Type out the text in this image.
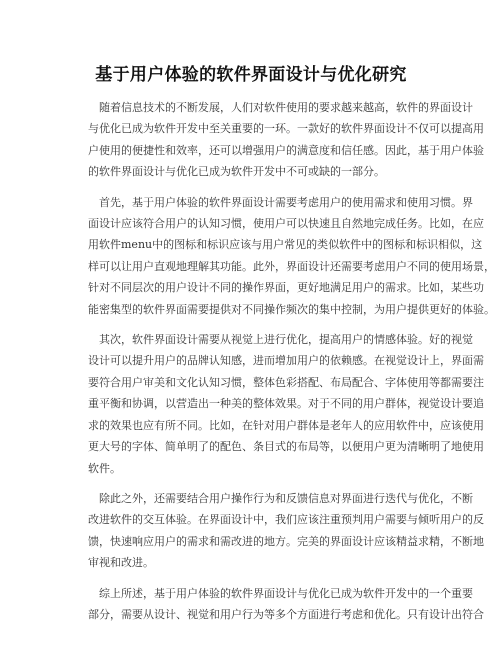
基于用户体验的软件界面设计与优化研究

随着信息技术的不断发展，人们对软件使用的要求越来越高，软件的界面设计
与优化已成为软件开发中至关重要的一环。一款好的软件界面设计不仅可以提高用
户使用的便捷性和效率，还可以增强用户的满意度和信任感。因此，基于用户体验
的软件界面设计与优化已成为软件开发中不可或缺的一部分。

首先，基于用户体验的软件界面设计需要考虑用户的使用需求和使用习惯。界
面设计应该符合用户的认知习惯，使用户可以快速且自然地完成任务。比如，在应
用软件menu中的图标和标识应该与用户常见的类似软件中的图标和标识相似，这
样可以让用户直观地理解其功能。此外，界面设计还需要考虑用户不同的使用场景，
针对不同层次的用户设计不同的操作界面，更好地满足用户的需求。比如，某些功
能密集型的软件界面需要提供对不同操作频次的集中控制，为用户提供更好的体验。

其次，软件界面设计需要从视觉上进行优化，提高用户的情感体验。好的视觉
设计可以提升用户的品牌认知感，进而增加用户的依赖感。在视觉设计上，界面需
要符合用户审美和文化认知习惯，整体色彩搭配、布局配合、字体使用等都需要注
重平衡和协调，以营造出一种美的整体效果。对于不同的用户群体，视觉设计要追
求的效果也应有所不同。比如，在针对用户群体是老年人的应用软件中，应该使用
更大号的字体、简单明了的配色、条目式的布局等，以便用户更为清晰明了地使用
软件。

除此之外，还需要结合用户操作行为和反馈信息对界面进行迭代与优化，不断
改进软件的交互体验。在界面设计中，我们应该注重预判用户需要与倾听用户的反
馈，快速响应用户的需求和需改进的地方。完美的界面设计应该精益求精，不断地
审视和改进。

综上所述，基于用户体验的软件界面设计与优化已成为软件开发中的一个重要
部分，需要从设计、视觉和用户行为等多个方面进行考虑和优化。只有设计出符合
